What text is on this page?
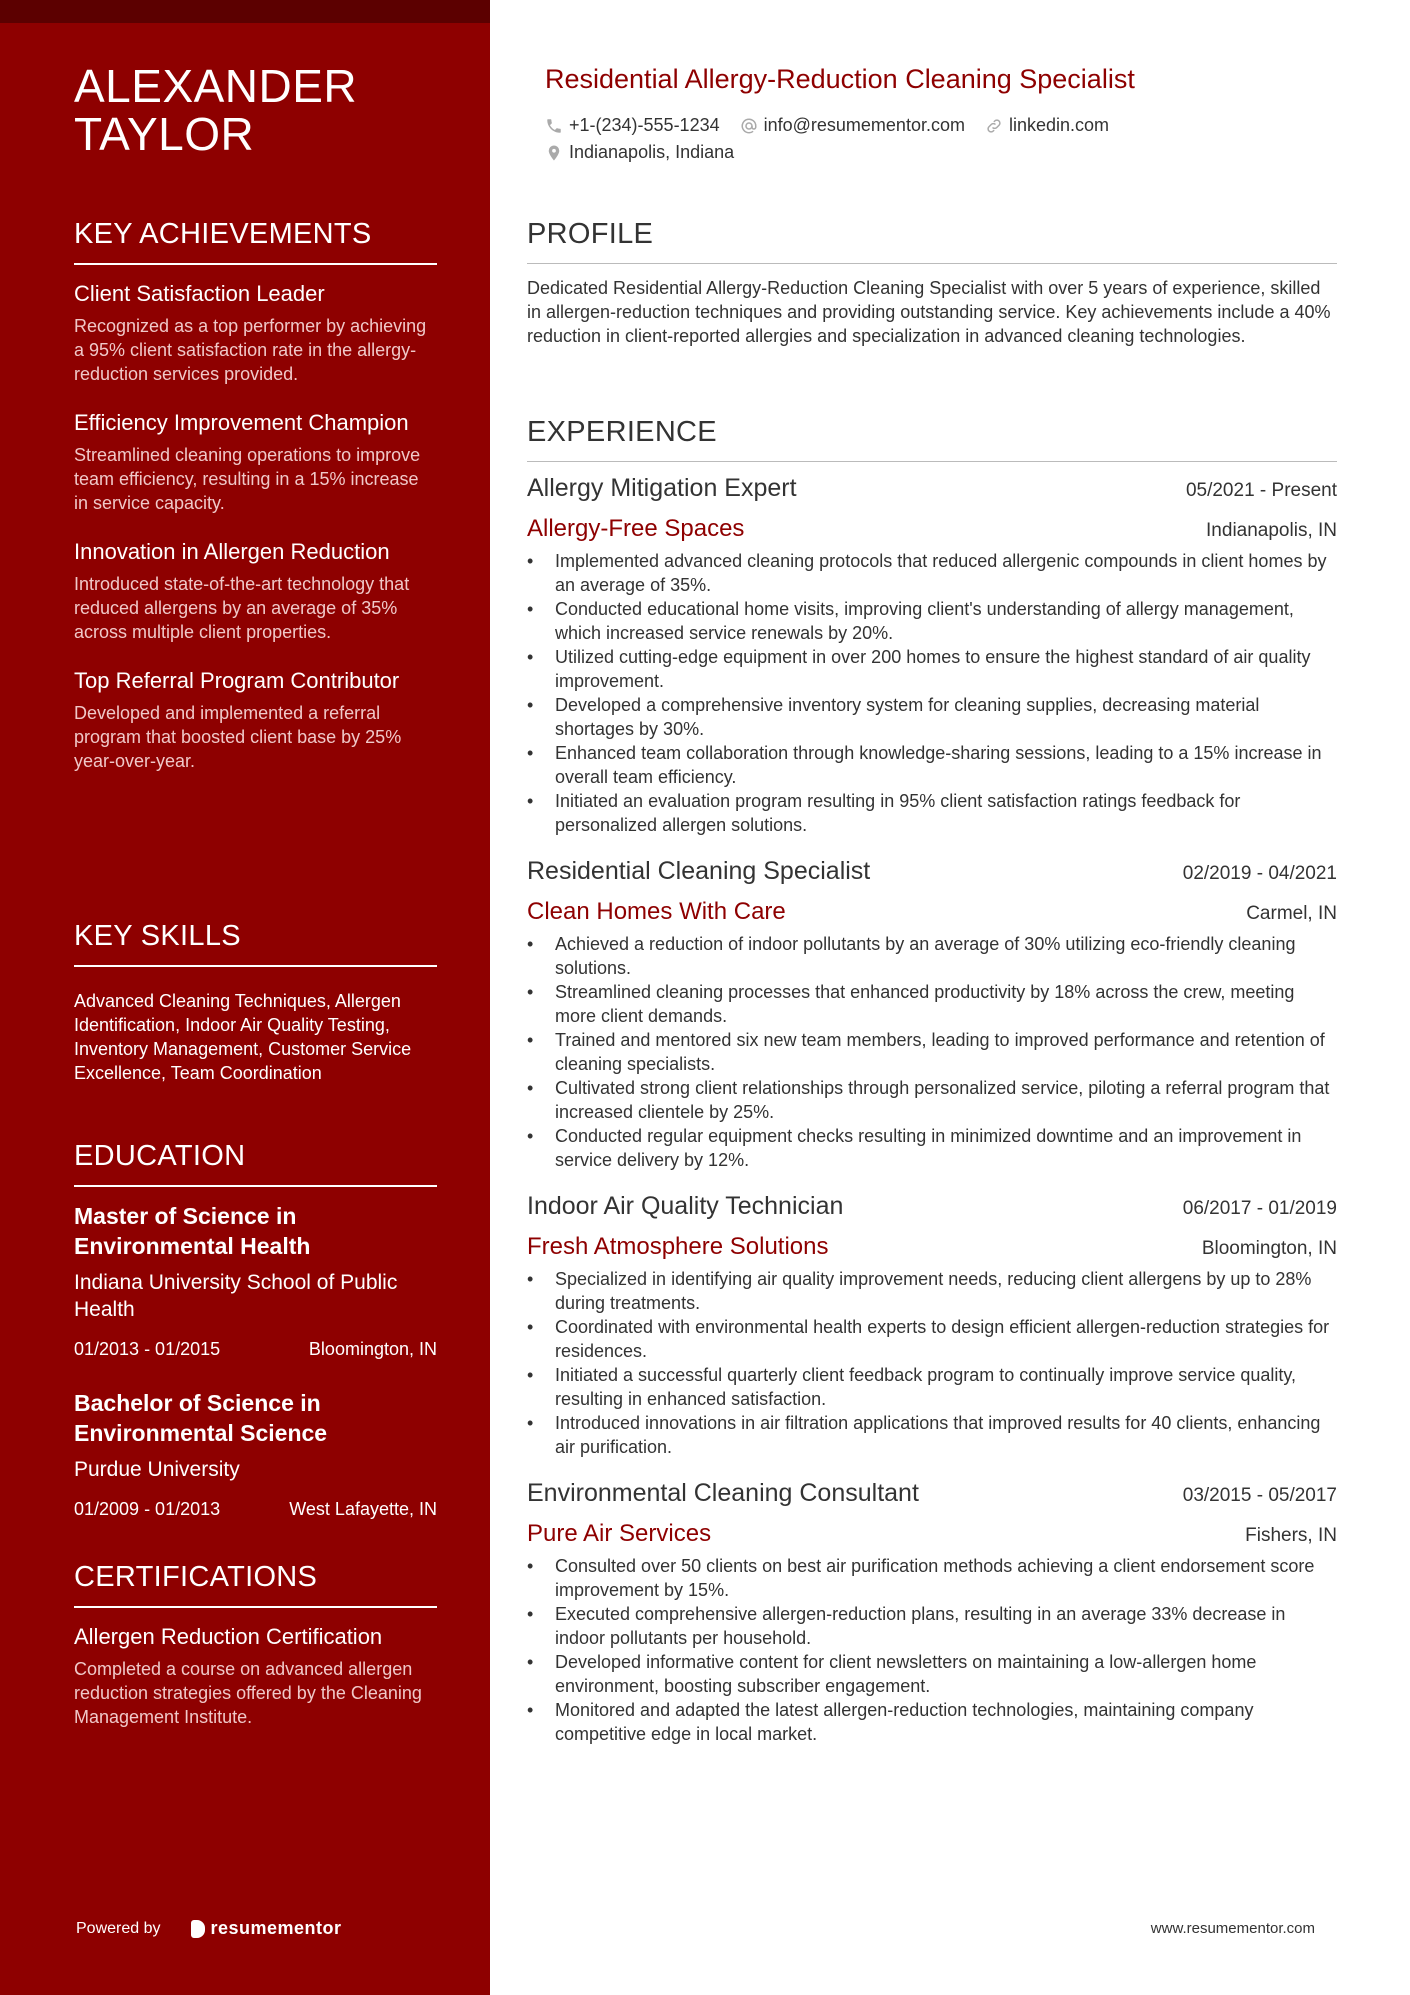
ALEXANDER
TAYLOR
KEY ACHIEVEMENTS
Client Satisfaction Leader
Recognized as a top performer by achieving a 95% client satisfaction rate in the allergy-reduction services provided.
Efficiency Improvement Champion
Streamlined cleaning operations to improve team efficiency, resulting in a 15% increase in service capacity.
Innovation in Allergen Reduction
Introduced state-of-the-art technology that reduced allergens by an average of 35% across multiple client properties.
Top Referral Program Contributor
Developed and implemented a referral program that boosted client base by 25% year-over-year.
KEY SKILLS
Advanced Cleaning Techniques, Allergen Identification, Indoor Air Quality Testing, Inventory Management, Customer Service Excellence, Team Coordination
EDUCATION
Master of Science in Environmental Health
Indiana University School of Public Health
01/2013 - 01/2015	Bloomington, IN
Bachelor of Science in Environmental Science
Purdue University
01/2009 - 01/2013	West Lafayette, IN
CERTIFICATIONS
Allergen Reduction Certification
Completed a course on advanced allergen reduction strategies offered by the Cleaning Management Institute.
Powered by	resumementor
Residential Allergy-Reduction Cleaning Specialist
+1-(234)-555-1234 info@resumementor.com linkedin.com
Indianapolis, Indiana
PROFILE
Dedicated Residential Allergy-Reduction Cleaning Specialist with over 5 years of experience, skilled in allergen-reduction techniques and providing outstanding service. Key achievements include a 40% reduction in client-reported allergies and specialization in advanced cleaning technologies.
EXPERIENCE
Allergy Mitigation Expert	05/2021 - Present
Allergy-Free Spaces	Indianapolis, IN
• Implemented advanced cleaning protocols that reduced allergenic compounds in client homes by an average of 35%.
• Conducted educational home visits, improving client's understanding of allergy management, which increased service renewals by 20%.
• Utilized cutting-edge equipment in over 200 homes to ensure the highest standard of air quality improvement.
• Developed a comprehensive inventory system for cleaning supplies, decreasing material shortages by 30%.
• Enhanced team collaboration through knowledge-sharing sessions, leading to a 15% increase in overall team efficiency.
• Initiated an evaluation program resulting in 95% client satisfaction ratings feedback for personalized allergen solutions.
Residential Cleaning Specialist	02/2019 - 04/2021
Clean Homes With Care	Carmel, IN
• Achieved a reduction of indoor pollutants by an average of 30% utilizing eco-friendly cleaning solutions.
• Streamlined cleaning processes that enhanced productivity by 18% across the crew, meeting more client demands.
• Trained and mentored six new team members, leading to improved performance and retention of cleaning specialists.
• Cultivated strong client relationships through personalized service, piloting a referral program that increased clientele by 25%.
• Conducted regular equipment checks resulting in minimized downtime and an improvement in service delivery by 12%.
Indoor Air Quality Technician	06/2017 - 01/2019
Fresh Atmosphere Solutions	Bloomington, IN
• Specialized in identifying air quality improvement needs, reducing client allergens by up to 28% during treatments.
• Coordinated with environmental health experts to design efficient allergen-reduction strategies for residences.
• Initiated a successful quarterly client feedback program to continually improve service quality, resulting in enhanced satisfaction.
• Introduced innovations in air filtration applications that improved results for 40 clients, enhancing air purification.
Environmental Cleaning Consultant	03/2015 - 05/2017
Pure Air Services	Fishers, IN
• Consulted over 50 clients on best air purification methods achieving a client endorsement score improvement by 15%.
• Executed comprehensive allergen-reduction plans, resulting in an average 33% decrease in indoor pollutants per household.
• Developed informative content for client newsletters on maintaining a low-allergen home environment, boosting subscriber engagement.
• Monitored and adapted the latest allergen-reduction technologies, maintaining company competitive edge in local market.
www.resumementor.com
